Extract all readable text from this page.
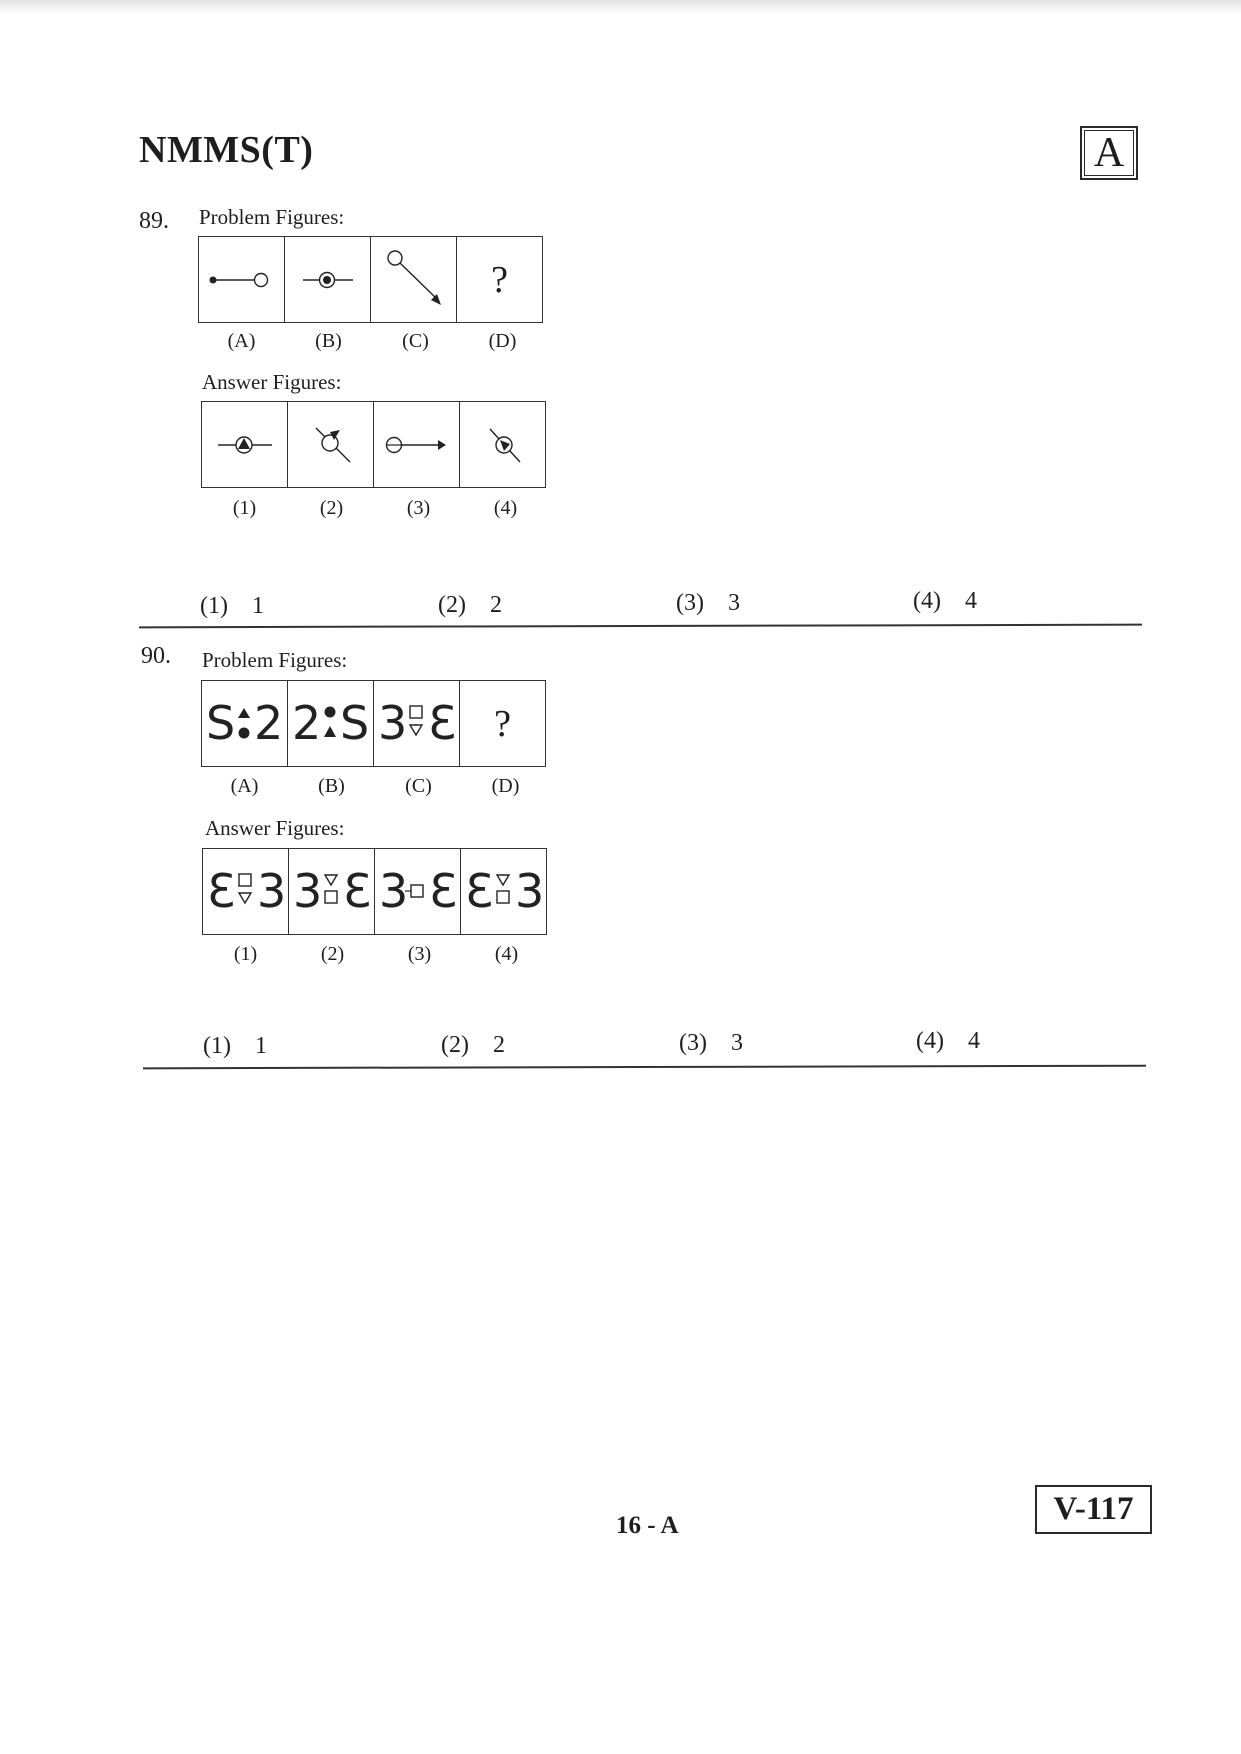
NMMS(T)	A
89. Problem Figures:
?
(A)	(B)	(C)	(D)
Answer Figures:
(1)	(2)	(3)	(4)
(1) 1	(2) 2	(3) 3	(4) 4
90. Problem Figures:
S 2 2 S 3 Ɛ ?
(A)	(B)	(C)	(D)
Answer Figures:
Ɛ 3 3 Ɛ 3 Ɛ Ɛ 3
(1)	(2)	(3)	(4)
(1) 1	(2) 2	(3) 3	(4) 4
16 - A	V-117
